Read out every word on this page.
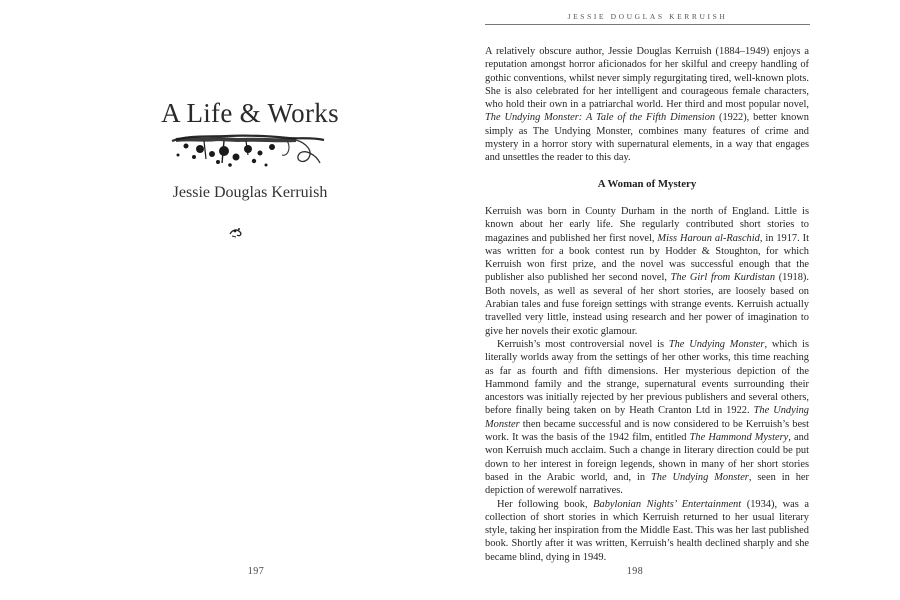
A Life & Works

Jessie Douglas Kerruish

197
JESSIE DOUGLAS KERRUISH

A relatively obscure author, Jessie Douglas Kerruish (1884–1949) enjoys a reputation amongst horror aficionados for her skilful and creepy handling of gothic conventions, whilst never simply regurgitating tired, well-known plots. She is also celebrated for her intelligent and courageous female characters, who hold their own in a patriarchal world. Her third and most popular novel, The Undying Monster: A Tale of the Fifth Dimension (1922), better known simply as The Undying Monster, combines many features of crime and mystery in a horror story with supernatural elements, in a way that engages and unsettles the reader to this day.

A Woman of Mystery

Kerruish was born in County Durham in the north of England. Little is known about her early life. She regularly contributed short stories to magazines and published her first novel, Miss Haroun al-Raschid, in 1917. It was written for a book contest run by Hodder & Stoughton, for which Kerruish won first prize, and the novel was successful enough that the publisher also published her second novel, The Girl from Kurdistan (1918). Both novels, as well as several of her short stories, are loosely based on Arabian tales and fuse foreign settings with strange events. Kerruish actually travelled very little, instead using research and her power of imagination to give her novels their exotic glamour.

Kerruish’s most controversial novel is The Undying Monster, which is literally worlds away from the settings of her other works, this time reaching as far as fourth and fifth dimensions. Her mysterious depiction of the Hammond family and the strange, supernatural events surrounding their ancestors was initially rejected by her previous publishers and several others, before finally being taken on by Heath Cranton Ltd in 1922. The Undying Monster then became successful and is now considered to be Kerruish’s best work. It was the basis of the 1942 film, entitled The Hammond Mystery, and won Kerruish much acclaim. Such a change in literary direction could be put down to her interest in foreign legends, shown in many of her short stories based in the Arabic world, and, in The Undying Monster, seen in her depiction of werewolf narratives.

Her following book, Babylonian Nights’ Entertainment (1934), was a collection of short stories in which Kerruish returned to her usual literary style, taking her inspiration from the Middle East. This was her last published book. Shortly after it was written, Kerruish’s health declined sharply and she became blind, dying in 1949.

198
